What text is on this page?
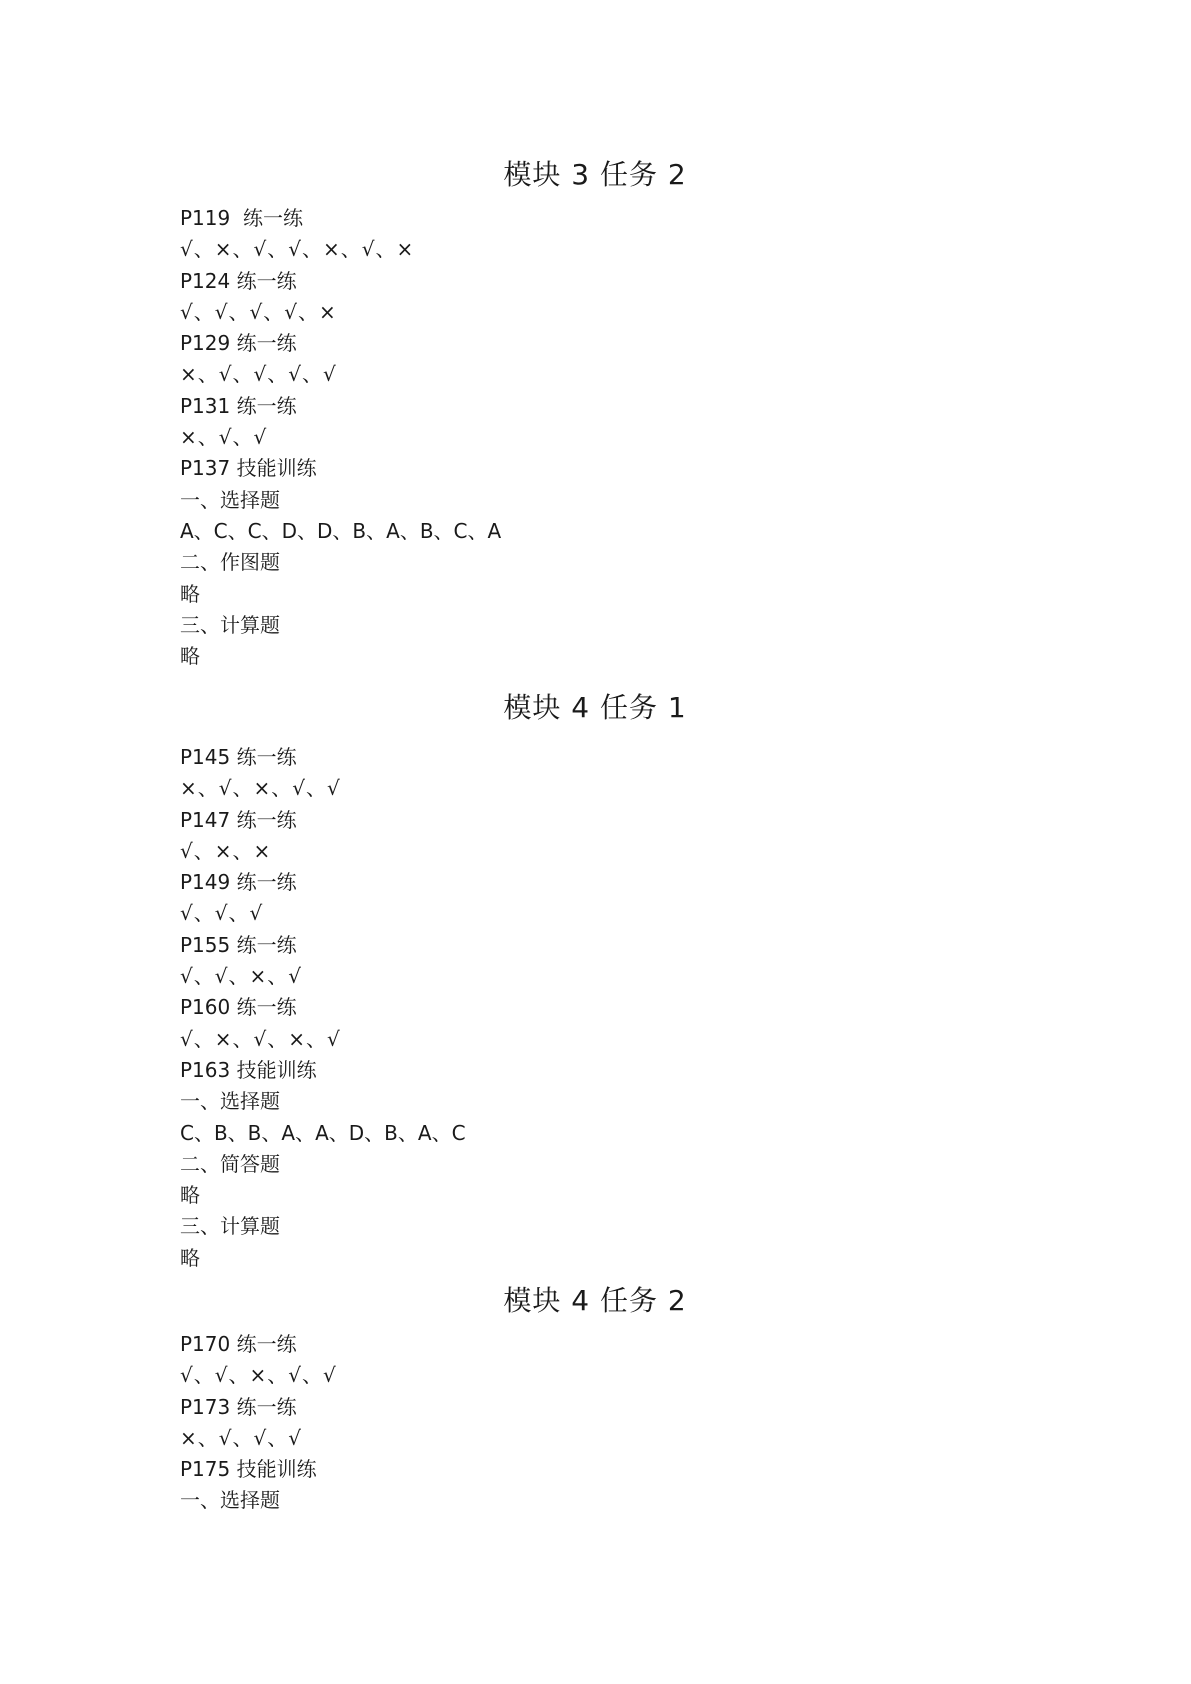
模块 3 任务 2

P119  练一练

√、×、√、√、×、√、×

P124 练一练

√、√、√、√、×

P129 练一练

×、√、√、√、√

P131 练一练

×、√、√

P137 技能训练

一、选择题

A、C、C、D、D、B、A、B、C、A

二、作图题

略

三、计算题

略

模块 4 任务 1

P145 练一练

×、√、×、√、√

P147 练一练

√、×、×

P149 练一练

√、√、√

P155 练一练

√、√、×、√

P160 练一练

√、×、√、×、√

P163 技能训练

一、选择题

C、B、B、A、A、D、B、A、C

二、简答题

略

三、计算题

略

模块 4 任务 2

P170 练一练

√、√、×、√、√

P173 练一练

×、√、√、√

P175 技能训练

一、选择题
